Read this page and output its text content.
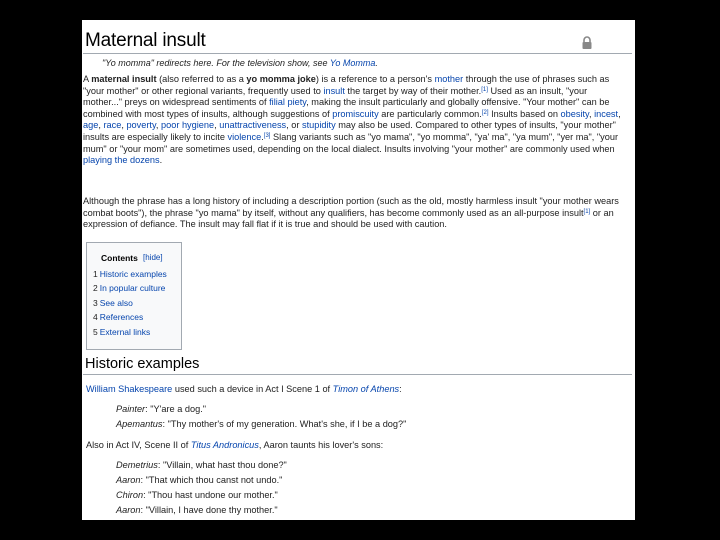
Maternal insult
"Yo momma" redirects here. For the television show, see Yo Momma.
A maternal insult (also referred to as a yo momma joke) is a reference to a person's mother through the use of phrases such as "your mother" or other regional variants, frequently used to insult the target by way of their mother.[1] Used as an insult, "your mother..." preys on widespread sentiments of filial piety, making the insult particularly and globally offensive. "Your mother" can be combined with most types of insults, although suggestions of promiscuity are particularly common.[2] Insults based on obesity, incest, age, race, poverty, poor hygiene, unattractiveness, or stupidity may also be used. Compared to other types of insults, "your mother" insults are especially likely to incite violence.[3] Slang variants such as "yo mama", "yo momma", "ya' ma", "ya mum", "yer ma", "your mum" or "your mom" are sometimes used, depending on the local dialect. Insults involving "your mother" are commonly used when playing the dozens.
Although the phrase has a long history of including a description portion (such as the old, mostly harmless insult "your mother wears combat boots"), the phrase "yo mama" by itself, without any qualifiers, has become commonly used as an all-purpose insult[1] or an expression of defiance. The insult may fall flat if it is true and should be used with caution.
Contents [hide]
1 Historic examples
2 In popular culture
3 See also
4 References
5 External links
Historic examples
William Shakespeare used such a device in Act I Scene 1 of Timon of Athens:
Painter: "Y'are a dog."
Apemantus: "Thy mother's of my generation. What's she, if I be a dog?"
Also in Act IV, Scene II of Titus Andronicus, Aaron taunts his lover's sons:
Demetrius: "Villain, what hast thou done?"
Aaron: "That which thou canst not undo."
Chiron: "Thou hast undone our mother."
Aaron: "Villain, I have done thy mother."
